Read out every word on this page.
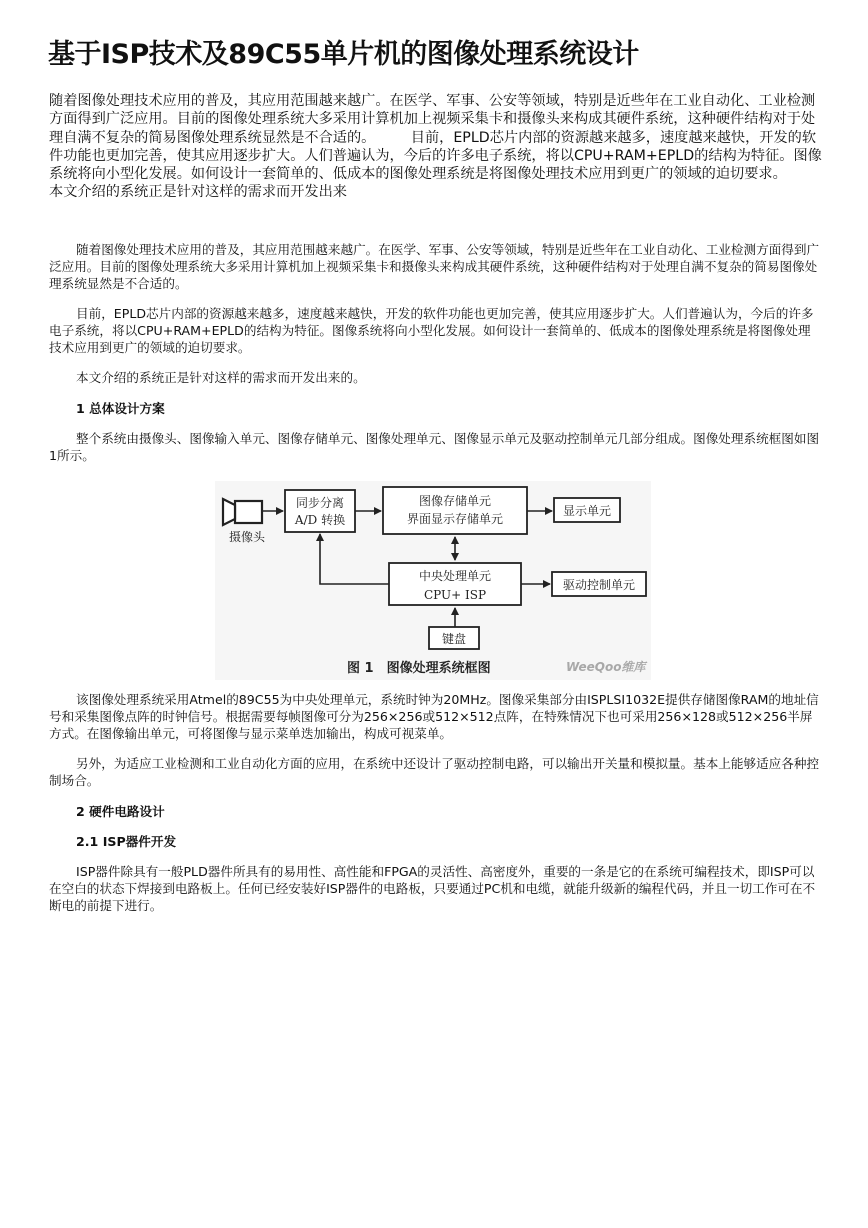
基于ISP技术及89C55单片机的图像处理系统设计

随着图像处理技术应用的普及，其应用范围越来越广。在医学、军事、公安等领域，特别是近些年在工业自动化、工业检测方面得到广泛应用。目前的图像处理系统大多采用计算机加上视频采集卡和摄像头来构成其硬件系统，这种硬件结构对于处理自满不复杂的简易图像处理系统显然是不合适的。　　　目前，EPLD芯片内部的资源越来越多，速度越来越快，开发的软件功能也更加完善，使其应用逐步扩大。人们普遍认为，今后的许多电子系统，将以CPU+RAM+EPLD的结构为特征。图像系统将向小型化发展。如何设计一套简单的、低成本的图像处理系统是将图像处理技术应用到更广的领域的迫切要求。　　　本文介绍的系统正是针对这样的需求而开发出来

随着图像处理技术应用的普及，其应用范围越来越广。在医学、军事、公安等领域，特别是近些年在工业自动化、工业检测方面得到广泛应用。目前的图像处理系统大多采用计算机加上视频采集卡和摄像头来构成其硬件系统，这种硬件结构对于处理自满不复杂的简易图像处理系统显然是不合适的。

目前，EPLD芯片内部的资源越来越多，速度越来越快，开发的软件功能也更加完善，使其应用逐步扩大。人们普遍认为，今后的许多电子系统，将以CPU+RAM+EPLD的结构为特征。图像系统将向小型化发展。如何设计一套简单的、低成本的图像处理系统是将图像处理技术应用到更广的领域的迫切要求。

本文介绍的系统正是针对这样的需求而开发出来的。

1 总体设计方案

整个系统由摄像头、图像输入单元、图像存储单元、图像处理单元、图像显示单元及驱动控制单元几部分组成。图像处理系统框图如图1所示。

摄像头
同步分离
A/D 转换
图像存储单元
界面显示存储单元
显示单元
中央处理单元
CPU+ ISP
驱动控制单元
键盘
图 1　图像处理系统框图	WeeQoo维库

该图像处理系统采用Atmel的89C55为中央处理单元，系统时钟为20MHz。图像采集部分由ISPLSI1032E提供存储图像RAM的地址信号和采集图像点阵的时钟信号。根据需要每帧图像可分为256×256或512×512点阵，在特殊情况下也可采用256×128或512×256半屏方式。在图像输出单元，可将图像与显示菜单迭加输出，构成可视菜单。

另外，为适应工业检测和工业自动化方面的应用，在系统中还设计了驱动控制电路，可以输出开关量和模拟量。基本上能够适应各种控制场合。

2 硬件电路设计

2.1 ISP器件开发

ISP器件除具有一般PLD器件所具有的易用性、高性能和FPGA的灵活性、高密度外，重要的一条是它的在系统可编程技术，即ISP可以在空白的状态下焊接到电路板上。任何已经安装好ISP器件的电路板，只要通过PC机和电缆，就能升级新的编程代码，并且一切工作可在不断电的前提下进行。
